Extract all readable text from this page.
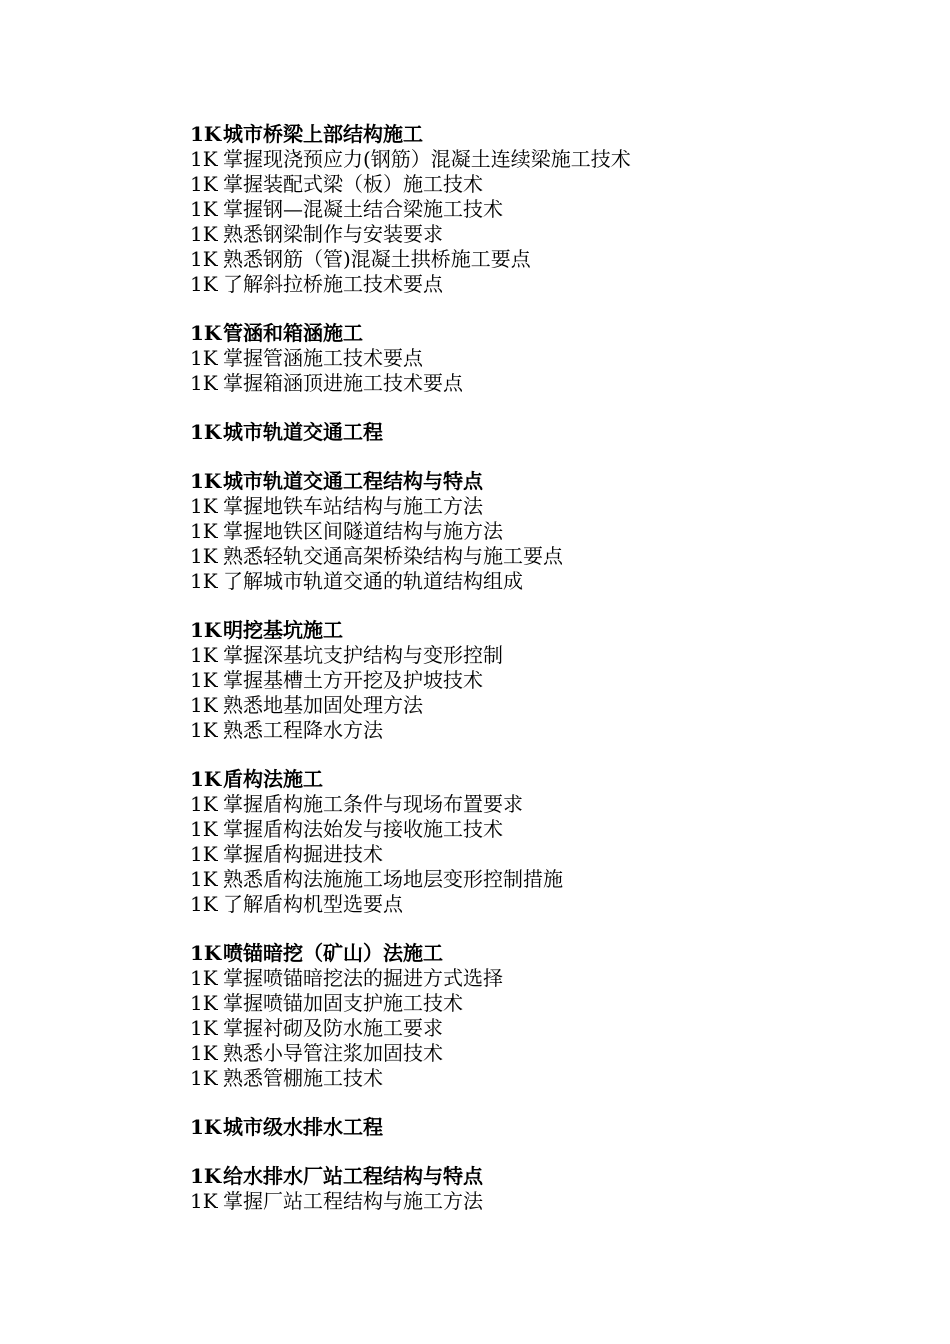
1K城市桥梁上部结构施工
1K 掌握现浇预应力(钢筋）混凝土连续梁施工技术
1K 掌握装配式梁（板）施工技术
1K 掌握钢—混凝土结合梁施工技术
1K 熟悉钢梁制作与安装要求
1K 熟悉钢筋（管)混凝土拱桥施工要点
1K 了解斜拉桥施工技术要点
1K管涵和箱涵施工
1K 掌握管涵施工技术要点
1K 掌握箱涵顶进施工技术要点
1K城市轨道交通工程
1K城市轨道交通工程结构与特点
1K 掌握地铁车站结构与施工方法
1K 掌握地铁区间隧道结构与施方法
1K 熟悉轻轨交通高架桥染结构与施工要点
1K 了解城市轨道交通的轨道结构组成
1K明挖基坑施工
1K 掌握深基坑支护结构与变形控制
1K 掌握基槽土方开挖及护坡技术
1K 熟悉地基加固处理方法
1K 熟悉工程降水方法
1K盾构法施工
1K 掌握盾构施工条件与现场布置要求
1K 掌握盾构法始发与接收施工技术
1K 掌握盾构掘进技术
1K 熟悉盾构法施施工场地层变形控制措施
1K 了解盾构机型选要点
1K喷锚暗挖（矿山）法施工
1K 掌握喷锚暗挖法的掘进方式选择
1K 掌握喷锚加固支护施工技术
1K 掌握衬砌及防水施工要求
1K 熟悉小导管注浆加固技术
1K 熟悉管棚施工技术
1K城市级水排水工程
1K给水排水厂站工程结构与特点
1K 掌握厂站工程结构与施工方法
